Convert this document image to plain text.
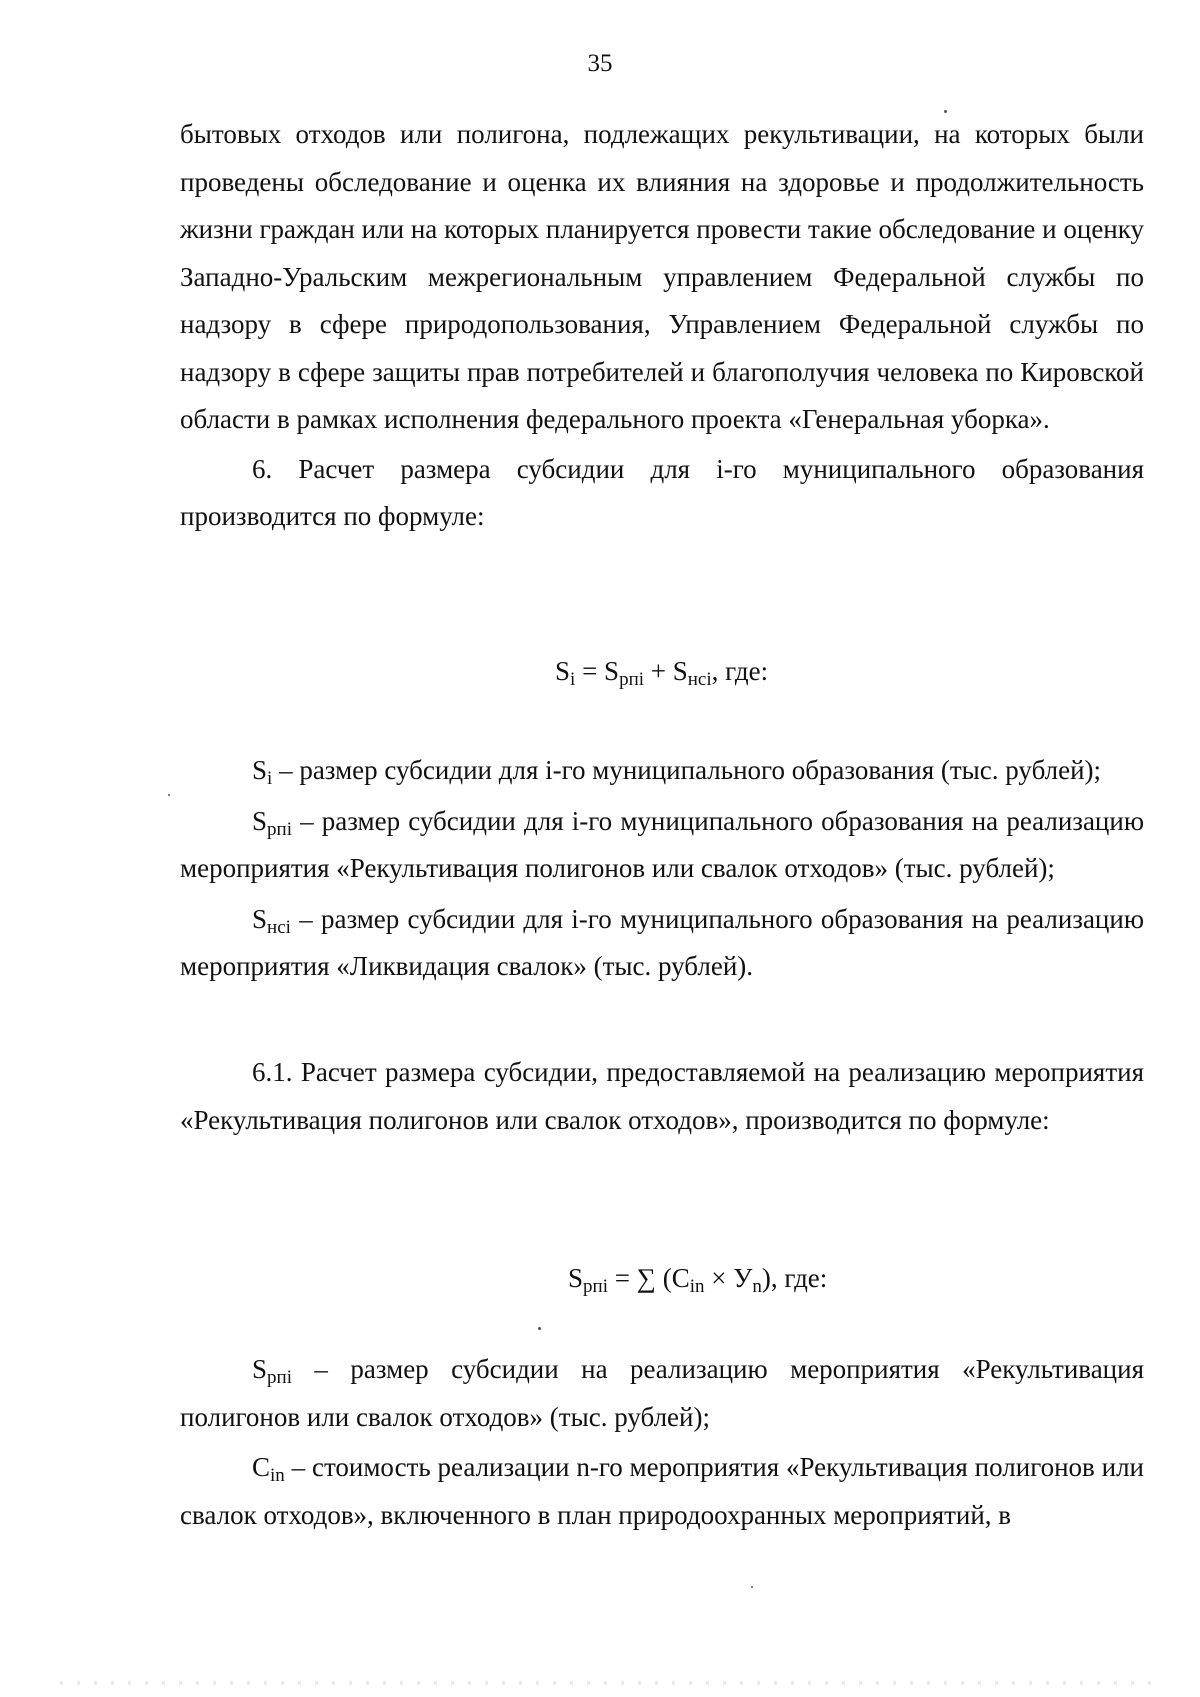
35

бытовых отходов или полигона, подлежащих рекультивации, на которых были проведены обследование и оценка их влияния на здоровье и продолжительность жизни граждан или на которых планируется провести такие обследование и оценку Западно-Уральским межрегиональным управлением Федеральной службы по надзору в сфере природопользования, Управлением Федеральной службы по надзору в сфере защиты прав потребителей и благополучия человека по Кировской области в рамках исполнения федерального проекта «Генеральная уборка».

6. Расчет размера субсидии для i-го муниципального образования производится по формуле:

$S_i = S_{рпi} + S_{нсi}$, где:

$S_i$ – размер субсидии для i-го муниципального образования (тыс. рублей);

$S_{рпi}$ – размер субсидии для i-го муниципального образования на реализацию мероприятия «Рекультивация полигонов или свалок отходов» (тыс. рублей);

$S_{нсi}$ – размер субсидии для i-го муниципального образования на реализацию мероприятия «Ликвидация свалок» (тыс. рублей).

6.1. Расчет размера субсидии, предоставляемой на реализацию мероприятия «Рекультивация полигонов или свалок отходов», производится по формуле:

$S_{рпi}$ = ∑ $(C_{in} \times У_n)$, где:

$S_{рпi}$ – размер субсидии на реализацию мероприятия «Рекультивация полигонов или свалок отходов» (тыс. рублей);

$C_{in}$ – стоимость реализации n-го мероприятия «Рекультивация полигонов или свалок отходов», включенного в план природоохранных мероприятий, в
